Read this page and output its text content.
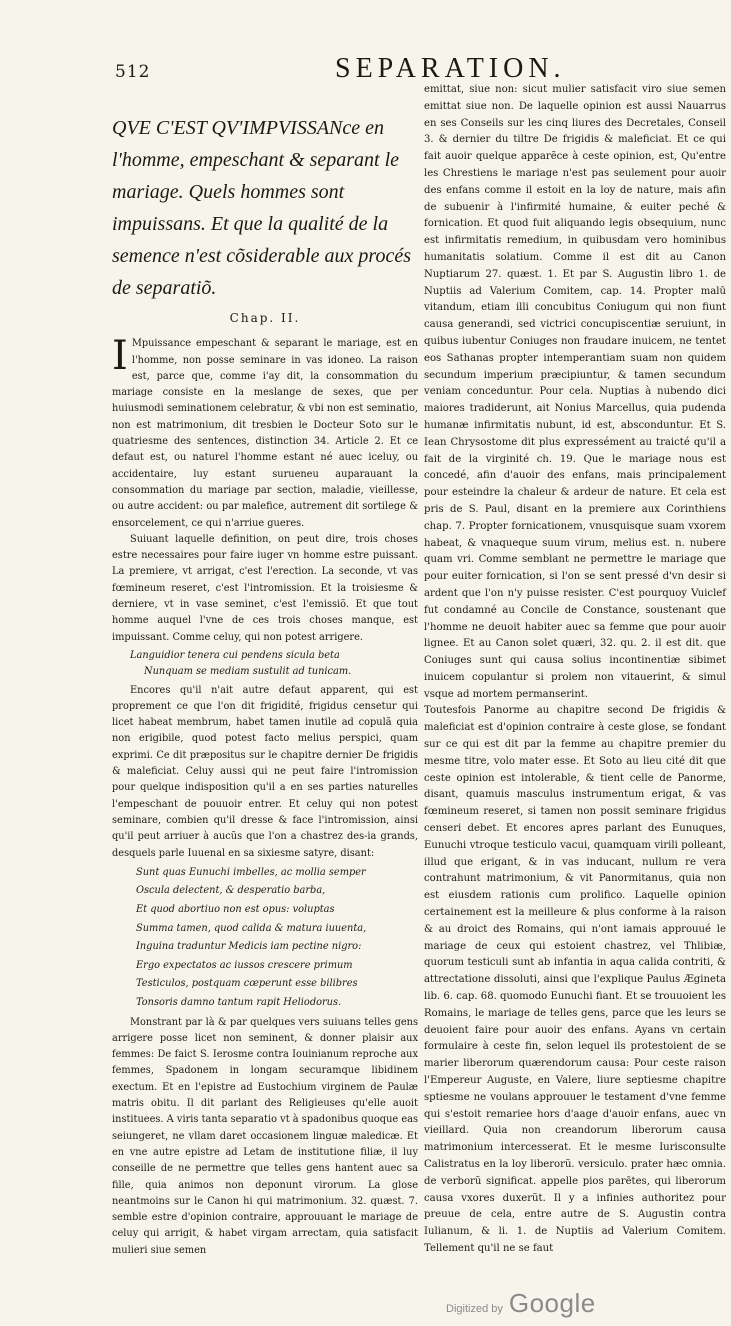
512	SEPARATION.
QVE C'EST QV'IMPVISSANce en l'homme, empeschant & separant le mariage. Quels hommes sont impuissans. Et que la qualité de la semence n'est cõsiderable aux procés de separatiõ.
Chap. II.

I Mpuissance empeschant & separant le mariage, est en l'homme, non posse seminare in vas idoneo. La raison est, parce que, comme i'ay dit, la consommation du mariage consiste en la meslange de sexes, que per huiusmodi seminationem celebratur, & vbi non est seminatio, non est matrimonium, dit tresbien le Docteur Soto sur le quatriesme des sentences, distinction 34. Article 2. Et ce defaut est, ou naturel l'homme estant né auec iceluy, ou accidentaire, luy estant surueneu auparauant la consommation du mariage par section, maladie, vieillesse, ou autre accident: ou par malefice, autrement dit sortilege & ensorcelement, ce qui n'arriue gueres.

Suiuant laquelle definition, on peut dire, trois choses estre necessaires pour faire iuger vn homme estre puissant. La premiere, vt arrigat, c'est l'erection. La seconde, vt vas fœmineum reseret, c'est l'intromission. Et la troisiesme & derniere, vt in vase seminet, c'est l'emissiõ. Et que tout homme auquel l'vne de ces trois choses manque, est impuissant. Comme celuy, qui non potest arrigere.

Languidior tenera cui pendens sicula beta
Nunquam se mediam sustulit ad tunicam.

Encores qu'il n'ait autre defaut apparent, qui est proprement ce que l'on dit frigidité, frigidus censetur qui licet habeat membrum, habet tamen inutile ad copulã quia non erigibile, quod potest facto melius perspici, quam exprimi. Ce dit præpositus sur le chapitre dernier De frigidis & maleficiat. Celuy aussi qui ne peut faire l'intromission pour quelque indisposition qu'il a en ses parties naturelles l'empeschant de pouuoir entrer. Et celuy qui non potest seminare, combien qu'il dresse & face l'intromission, ainsi qu'il peut arriuer à aucũs que l'on a chastrez des-ia grands, desquels parle Iuuenal en sa sixiesme satyre, disant:

Sunt quas Eunuchi imbelles, ac mollia semper
Oscula delectent, & desperatio barba,
Et quod abortiuo non est opus: voluptas
Summa tamen, quod calida & matura iuuenta,
Inguina traduntur Medicis iam pectine nigro:
Ergo expectatos ac iussos crescere primum
Testiculos, postquam cœperunt esse bilibres
Tonsoris damno tantum rapit Heliodorus.

Monstrant par là & par quelques vers suiuans telles gens arrigere posse licet non seminent, & donner plaisir aux femmes: De faict S. Ierosme contra Iouinianum reproche aux femmes, Spadonem in longam securamque libidinem exectum. Et en l'epistre ad Eustochium virginem de Paulæ matris obitu. Il dit parlant des Religieuses qu'elle auoit instituees. A viris tanta separatio vt à spadonibus quoque eas seiungeret, ne vllam daret occasionem linguæ maledicæ. Et en vne autre epistre ad Letam de institutione filiæ, il luy conseille de ne permettre que telles gens hantent auec sa fille, quia animos non deponunt virorum. La glose neantmoins sur le Canon hi qui matrimonium. 32. quæst. 7. semble estre d'opinion contraire, approuuant le mariage de celuy qui arrigit, & habet virgam arrectam, quia satisfacit mulieri siue semen

emittat, siue non: sicut mulier satisfacit viro siue semen emittat siue non. De laquelle opinion est aussi Nauarrus en ses Conseils sur les cinq liures des Decretales, Conseil 3. & dernier du tiltre De frigidis & maleficiat. Et ce qui fait auoir quelque apparẽce à ceste opinion, est, Qu'entre les Chrestiens le mariage n'est pas seulement pour auoir des enfans comme il estoit en la loy de nature, mais afin de subuenir à l'infirmité humaine, & euiter peché & fornication. Et quod fuit aliquando legis obsequium, nunc est infirmitatis remedium, in quibusdam vero hominibus humanitatis solatium. Comme il est dit au Canon Nuptiarum 27. quæst. 1. Et par S. Augustin libro 1. de Nuptiis ad Valerium Comitem, cap. 14. Propter malū vitandum, etiam illi concubitus Coniugum qui non fiunt causa generandi, sed victrici concupiscentiæ seruiunt, in quibus iubentur Coniuges non fraudare inuicem, ne tentet eos Sathanas propter intemperantiam suam non quidem secundum imperium præcipiuntur, & tamen secundum veniam conceduntur. Pour cela. Nuptias à nubendo dici maiores tradiderunt, ait Nonius Marcellus, quia pudenda humanæ infirmitatis nubunt, id est, absconduntur. Et S. Iean Chrysostome dit plus expressément au traicté qu'il a fait de la virginité ch. 19. Que le mariage nous est concedé, afin d'auoir des enfans, mais principalement pour esteindre la chaleur & ardeur de nature. Et cela est pris de S. Paul, disant en la premiere aux Corinthiens chap. 7. Propter fornicationem, vnusquisque suam vxorem habeat, & vnaqueque suum virum, melius est. n. nubere quam vri. Comme semblant ne permettre le mariage que pour euiter fornication, si l'on se sent pressé d'vn desir si ardent que l'on n'y puisse resister. C'est pourquoy Vuiclef fut condamné au Concile de Constance, soustenant que l'homme ne deuoit habiter auec sa femme que pour auoir lignee. Et au Canon solet quæri, 32. qu. 2. il est dit. que Coniuges sunt qui causa solius incontinentiæ sibimet inuicem copulantur si prolem non vitauerint, & simul vsque ad mortem permanserint.

Toutesfois Panorme au chapitre second De frigidis & maleficiat est d'opinion contraire à ceste glose, se fondant sur ce qui est dit par la femme au chapitre premier du mesme titre, volo mater esse. Et Soto au lieu cité dit que ceste opinion est intolerable, & tient celle de Panorme, disant, quamuis masculus instrumentum erigat, & vas fœmineum reseret, si tamen non possit seminare frigidus censeri debet. Et encores apres parlant des Eunuques, Eunuchi vtroque testiculo vacui, quamquam virili polleant, illud que erigant, & in vas inducant, nullum re vera contrahunt matrimonium, & vit Panormitanus, quia non est eiusdem rationis cum prolifico. Laquelle opinion certainement est la meilleure & plus conforme à la raison & au droict des Romains, qui n'ont iamais approuué le mariage de ceux qui estoient chastrez, vel Thlibiæ, quorum testiculi sunt ab infantia in aqua calida contriti, & attrectatione dissoluti, ainsi que l'explique Paulus Ægineta lib. 6. cap. 68. quomodo Eunuchi fiant. Et se trouuoient les Romains, le mariage de telles gens, parce que les leurs se deuoient faire pour auoir des enfans. Ayans vn certain formulaire à ceste fin, selon lequel ils protestoient de se marier liberorum quærendorum causa: Pour ceste raison l'Empereur Auguste, en Valere, liure septiesme chapitre sptiesme ne voulans approuuer le testament d'vne femme qui s'estoit remariee hors d'aage d'auoir enfans, auec vn vieillard. Quia non creandorum liberorum causa matrimonium intercesserat. Et le mesme Iurisconsulte Calistratus en la loy liberorũ. versiculo. prater hæc omnia. de verborũ significat. appelle pios parētes, qui liberorum causa vxores duxerũt. Il y a infinies authoritez pour preuue de cela, entre autre de S. Augustin contra Iulianum, & li. 1. de Nuptiis ad Valerium Comitem. Tellement qu'il ne se faut

Digitized by Google
